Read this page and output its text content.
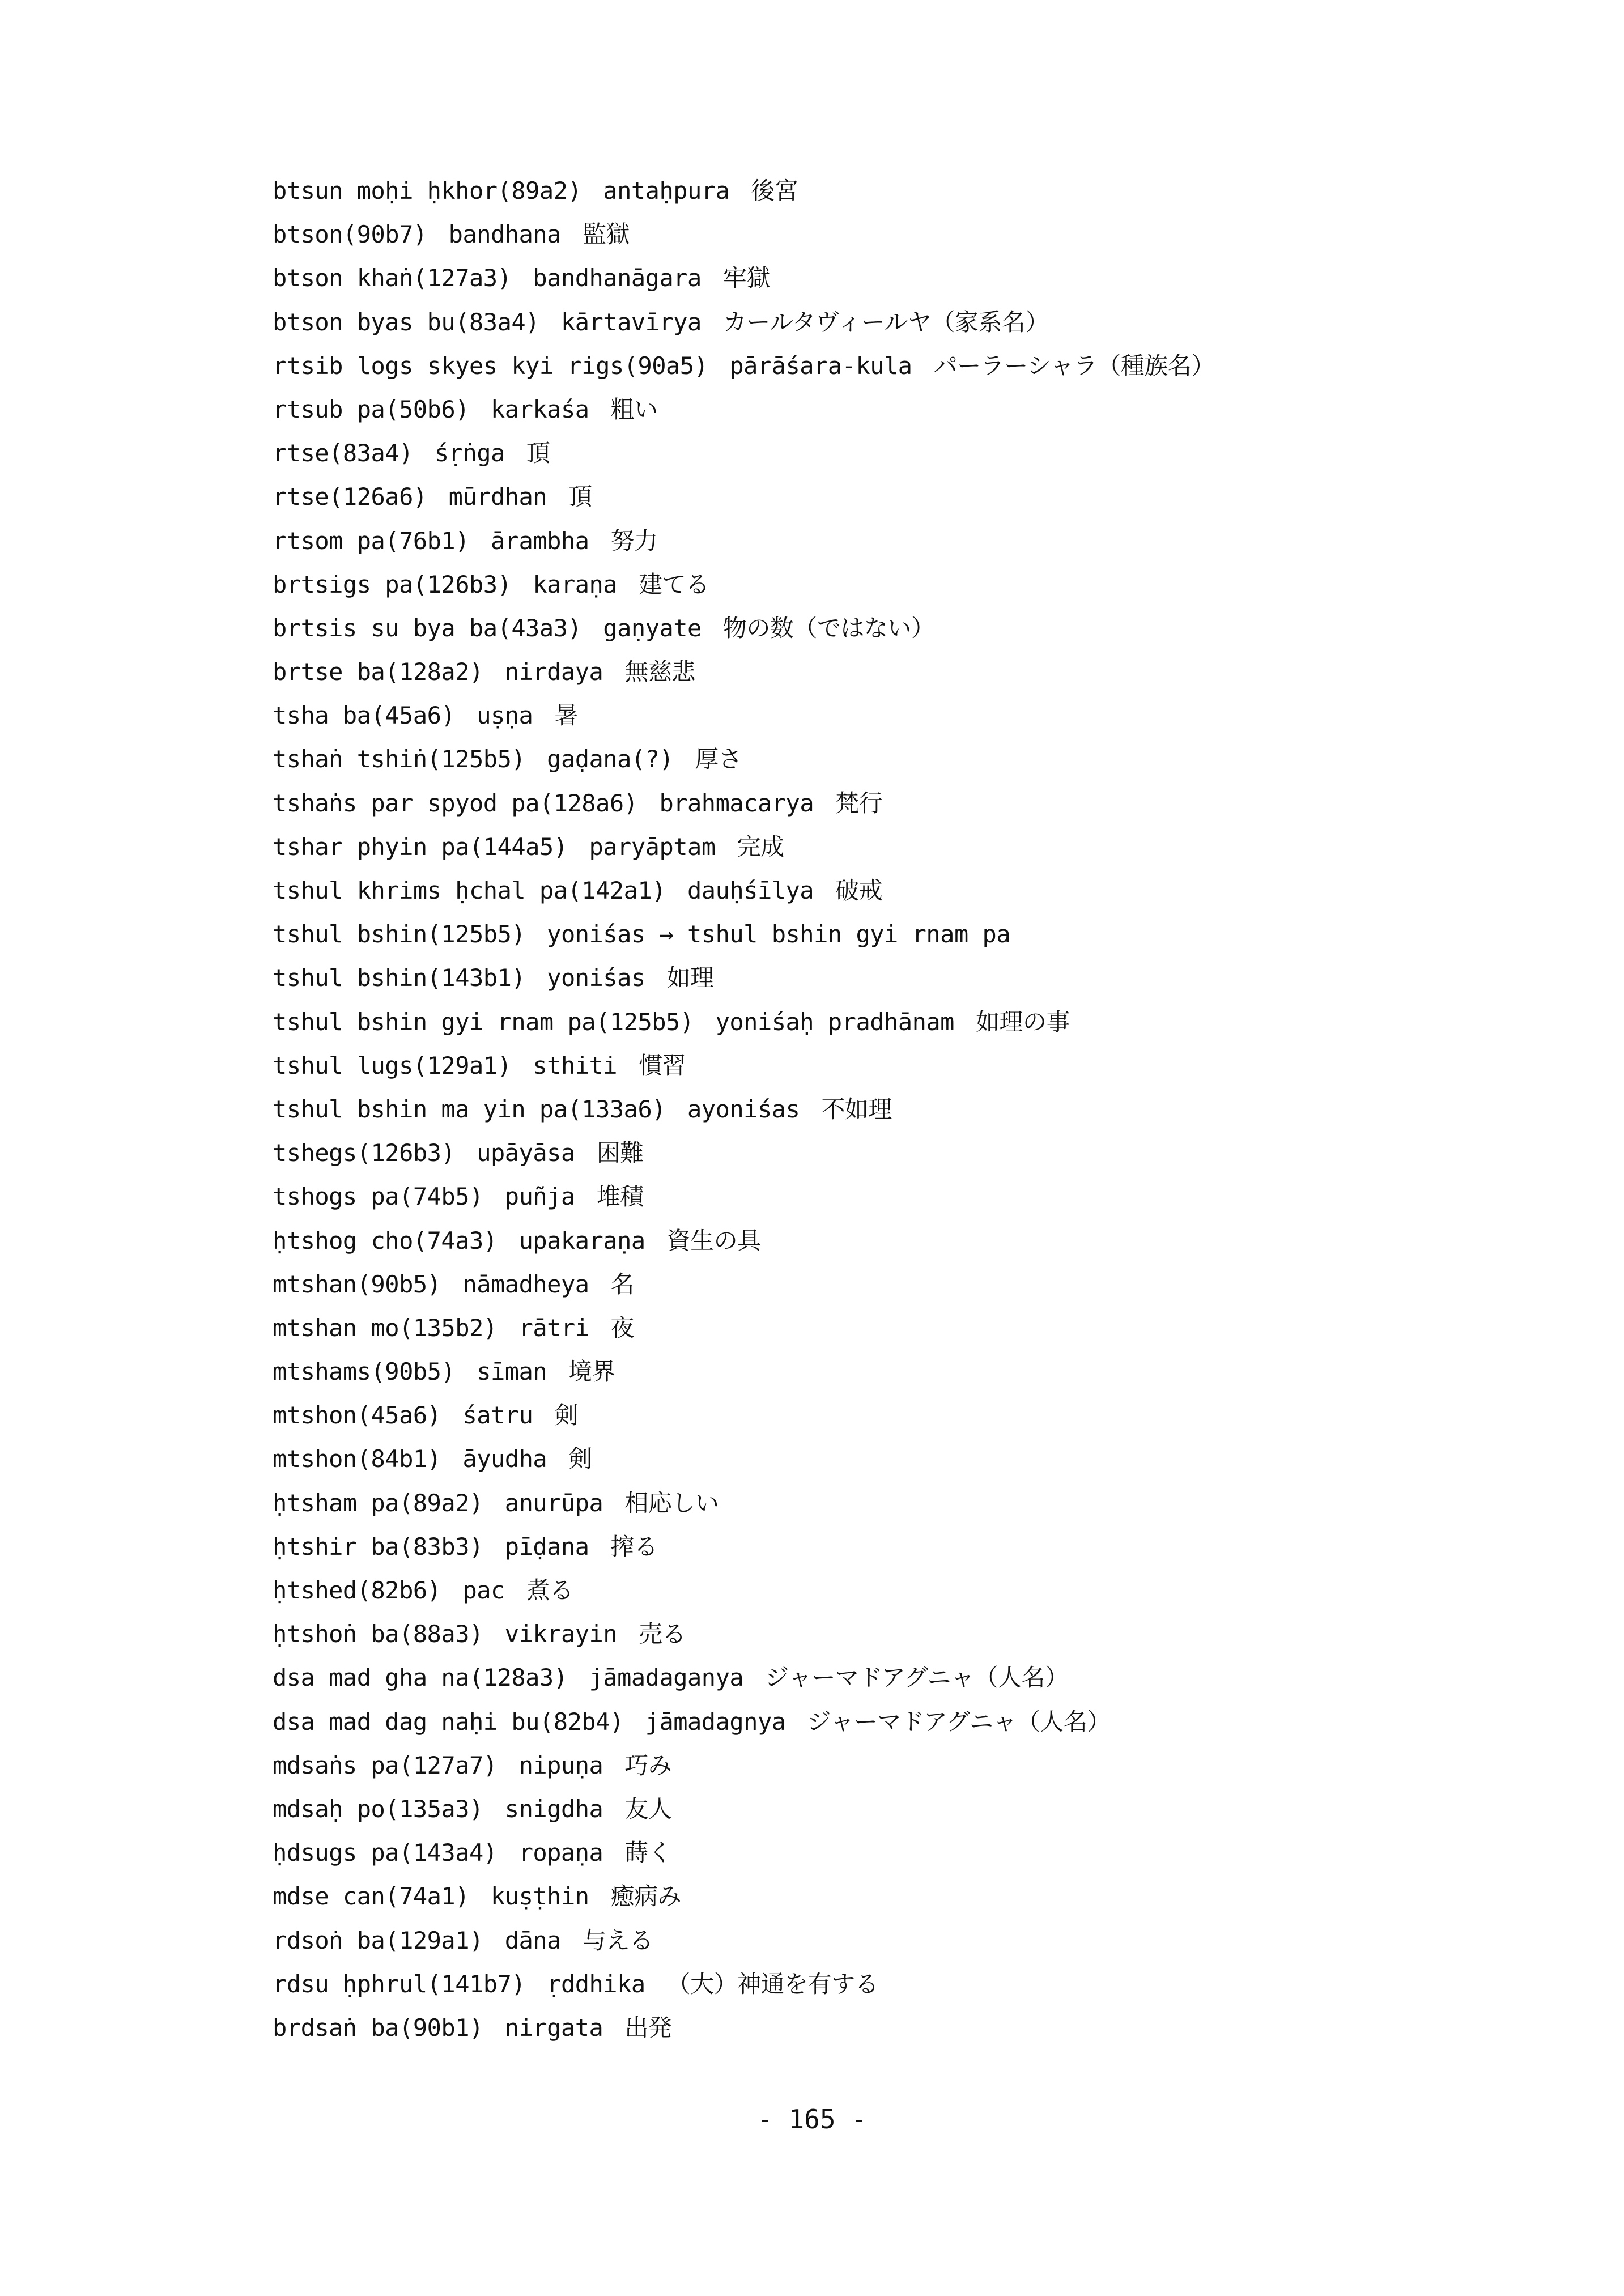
btsun moḥi ḥkhor(89a2) antaḥpura 後宮
btson(90b7) bandhana 監獄
btson khaṅ(127a3) bandhanāgara 牢獄
btson byas bu(83a4) kārtavīrya カールタヴィールヤ（家系名）
rtsib logs skyes kyi rigs(90a5) pārāśara-kula パーラーシャラ（種族名）
rtsub pa(50b6) karkaśa 粗い
rtse(83a4) śṛṅga 頂
rtse(126a6) mūrdhan 頂
rtsom pa(76b1) ārambha 努力
brtsigs pa(126b3) karaṇa 建てる
brtsis su bya ba(43a3) gaṇyate 物の数（ではない）
brtse ba(128a2) nirdaya 無慈悲
tsha ba(45a6) uṣṇa 暑
tshaṅ tshiṅ(125b5) gaḍana(?) 厚さ
tshaṅs par spyod pa(128a6) brahmacarya 梵行
tshar phyin pa(144a5) paryāptam 完成
tshul khrims ḥchal pa(142a1) dauḥśīlya 破戒
tshul bshin(125b5) yoniśas → tshul bshin gyi rnam pa
tshul bshin(143b1) yoniśas 如理
tshul bshin gyi rnam pa(125b5) yoniśaḥ pradhānam 如理の事
tshul lugs(129a1) sthiti 慣習
tshul bshin ma yin pa(133a6) ayoniśas 不如理
tshegs(126b3) upāyāsa 困難
tshogs pa(74b5) puñja 堆積
ḥtshog cho(74a3) upakaraṇa 資生の具
mtshan(90b5) nāmadheya 名
mtshan mo(135b2) rātri 夜
mtshams(90b5) sīman 境界
mtshon(45a6) śatru 剣
mtshon(84b1) āyudha 剣
ḥtsham pa(89a2) anurūpa 相応しい
ḥtshir ba(83b3) pīḍana 搾る
ḥtshed(82b6) pac 煮る
ḥtshoṅ ba(88a3) vikrayin 売る
dsa mad gha na(128a3) jāmadaganya ジャーマドアグニャ（人名）
dsa mad dag naḥi bu(82b4) jāmadagnya ジャーマドアグニャ（人名）
mdsaṅs pa(127a7) nipuṇa 巧み
mdsaḥ po(135a3) snigdha 友人
ḥdsugs pa(143a4) ropaṇa 蒔く
mdse can(74a1) kuṣṭhin 癒病み
rdsoṅ ba(129a1) dāna 与える
rdsu ḥphrul(141b7) ṛddhika （大）神通を有する
brdsaṅ ba(90b1) nirgata 出発
- 165 -
